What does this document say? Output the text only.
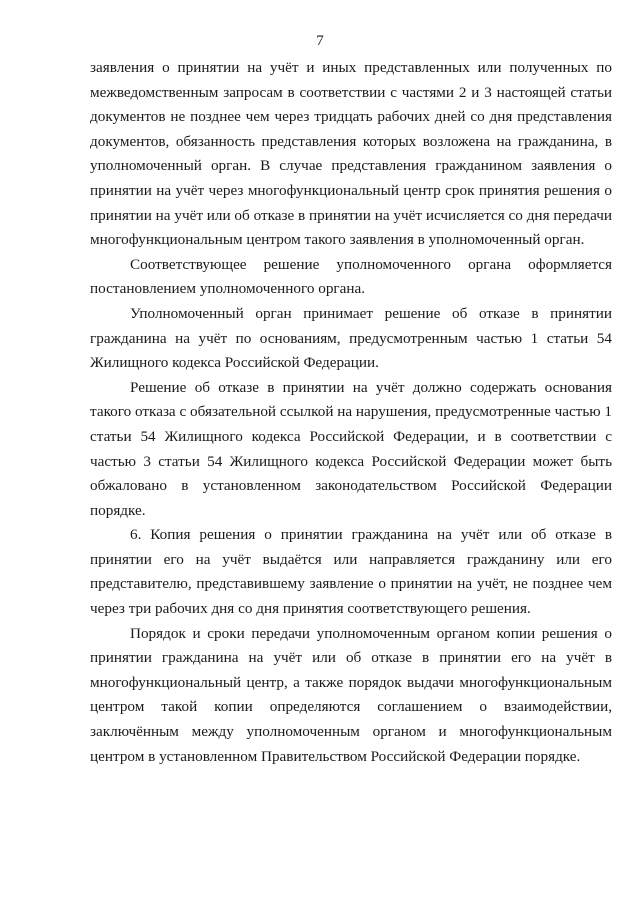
7

заявления о принятии на учёт и иных представленных или полученных по межведомственным запросам в соответствии с частями 2 и 3 настоящей статьи документов не позднее чем через тридцать рабочих дней со дня представления документов, обязанность представления которых возложена на гражданина, в уполномоченный орган. В случае представления гражданином заявления о принятии на учёт через многофункциональный центр срок принятия решения о принятии на учёт или об отказе в принятии на учёт исчисляется со дня передачи многофункциональным центром такого заявления в уполномоченный орган.

Соответствующее решение уполномоченного органа оформляется постановлением уполномоченного органа.

Уполномоченный орган принимает решение об отказе в принятии гражданина на учёт по основаниям, предусмотренным частью 1 статьи 54 Жилищного кодекса Российской Федерации.

Решение об отказе в принятии на учёт должно содержать основания такого отказа с обязательной ссылкой на нарушения, предусмотренные частью 1 статьи 54 Жилищного кодекса Российской Федерации, и в соответствии с частью 3 статьи 54 Жилищного кодекса Российской Федерации может быть обжаловано в установленном законодательством Российской Федерации порядке.

6. Копия решения о принятии гражданина на учёт или об отказе в принятии его на учёт выдаётся или направляется гражданину или его представителю, представившему заявление о принятии на учёт, не позднее чем через три рабочих дня со дня принятия соответствующего решения.

Порядок и сроки передачи уполномоченным органом копии решения о принятии гражданина на учёт или об отказе в принятии его на учёт в многофункциональный центр, а также порядок выдачи многофункциональным центром такой копии определяются соглашением о взаимодействии, заключённым между уполномоченным органом и многофункциональным центром в установленном Правительством Российской Федерации порядке.
